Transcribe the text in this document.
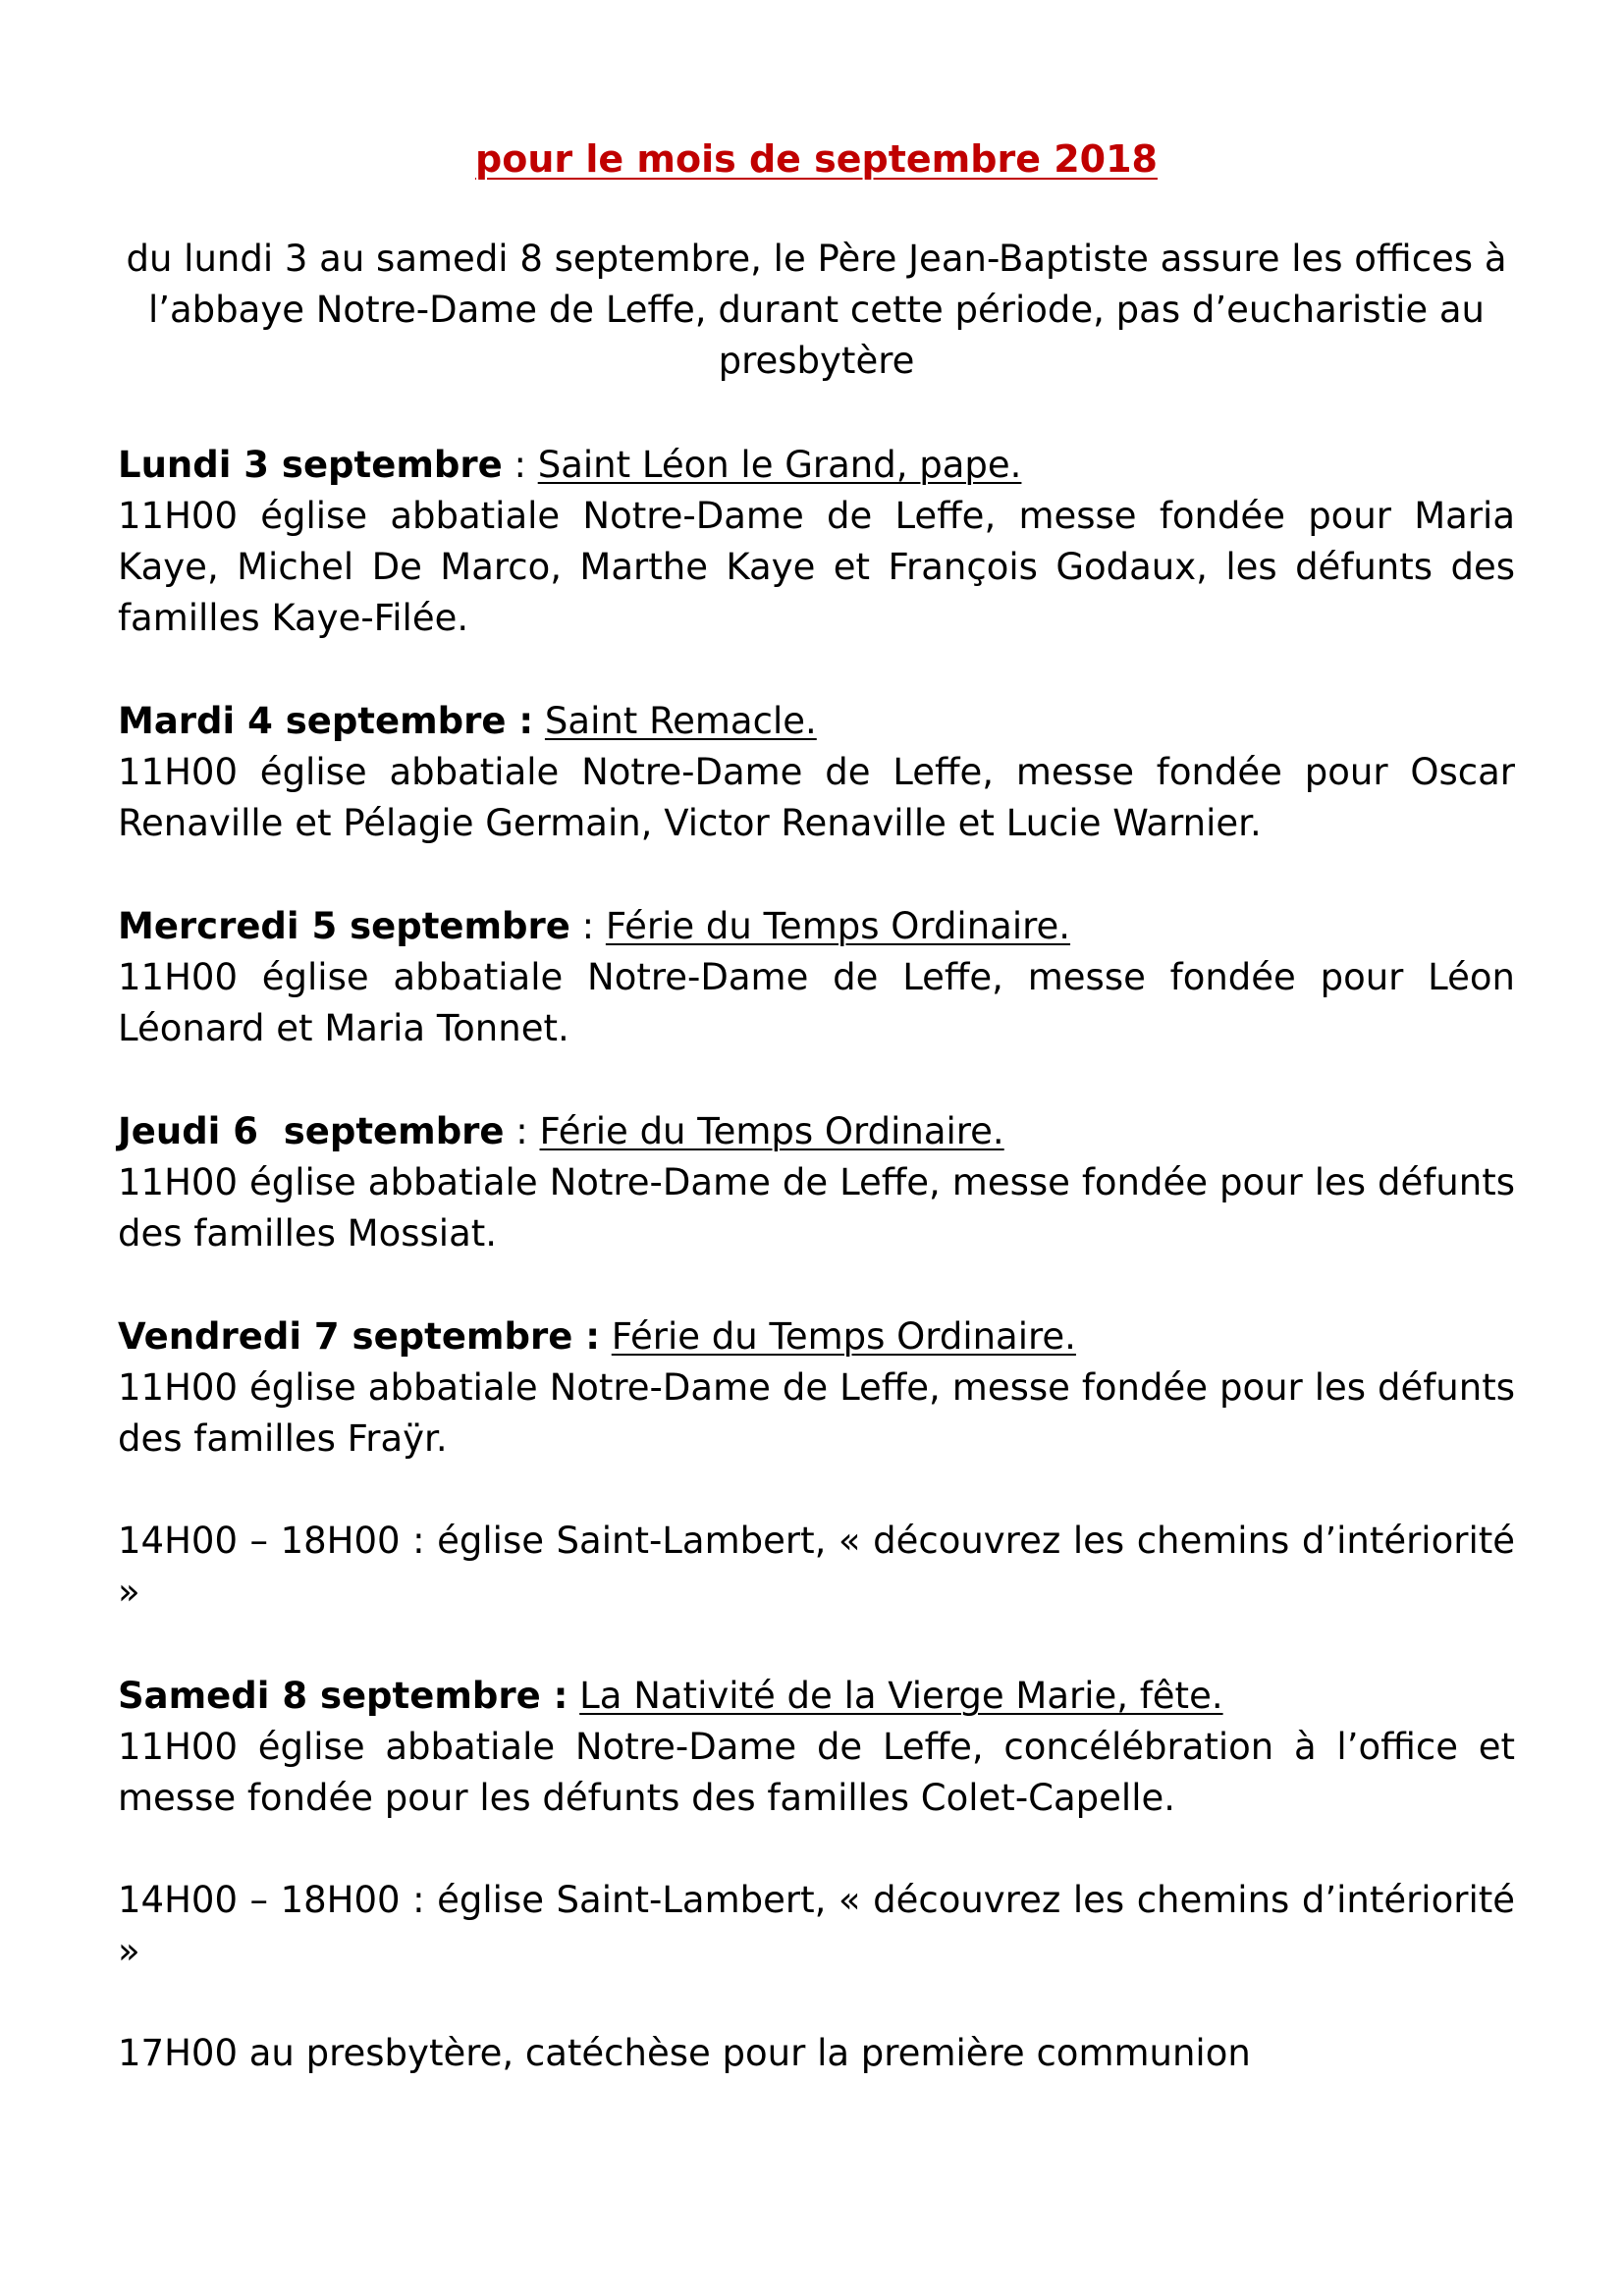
pour le mois de septembre 2018
du lundi 3 au samedi 8 septembre, le Père Jean-Baptiste assure les offices à l’abbaye Notre-Dame de Leffe, durant cette période, pas d’eucharistie au presbytère
Lundi 3 septembre : Saint Léon le Grand, pape.
11H00 église abbatiale Notre-Dame de Leffe, messe fondée pour Maria Kaye, Michel De Marco, Marthe Kaye et François Godaux, les défunts des familles Kaye-Filée.
Mardi 4 septembre : Saint Remacle.
11H00 église abbatiale Notre-Dame de Leffe, messe fondée pour Oscar Renaville et Pélagie Germain, Victor Renaville et Lucie Warnier.
Mercredi 5 septembre : Férie du Temps Ordinaire.
11H00 église abbatiale Notre-Dame de Leffe, messe fondée pour Léon Léonard et Maria Tonnet.
Jeudi 6  septembre : Férie du Temps Ordinaire.
11H00 église abbatiale Notre-Dame de Leffe, messe fondée pour les défunts des familles Mossiat.
Vendredi 7 septembre : Férie du Temps Ordinaire.
11H00 église abbatiale Notre-Dame de Leffe, messe fondée pour les défunts des familles Fraÿr.
14H00 – 18H00 : église Saint-Lambert, « découvrez les chemins d’intériorité »
Samedi 8 septembre : La Nativité de la Vierge Marie, fête.
11H00 église abbatiale Notre-Dame de Leffe, concélébration à l’office et messe fondée pour les défunts des familles Colet-Capelle.
14H00 – 18H00 : église Saint-Lambert, « découvrez les chemins d’intériorité »
17H00 au presbytère, catéchèse pour la première communion
